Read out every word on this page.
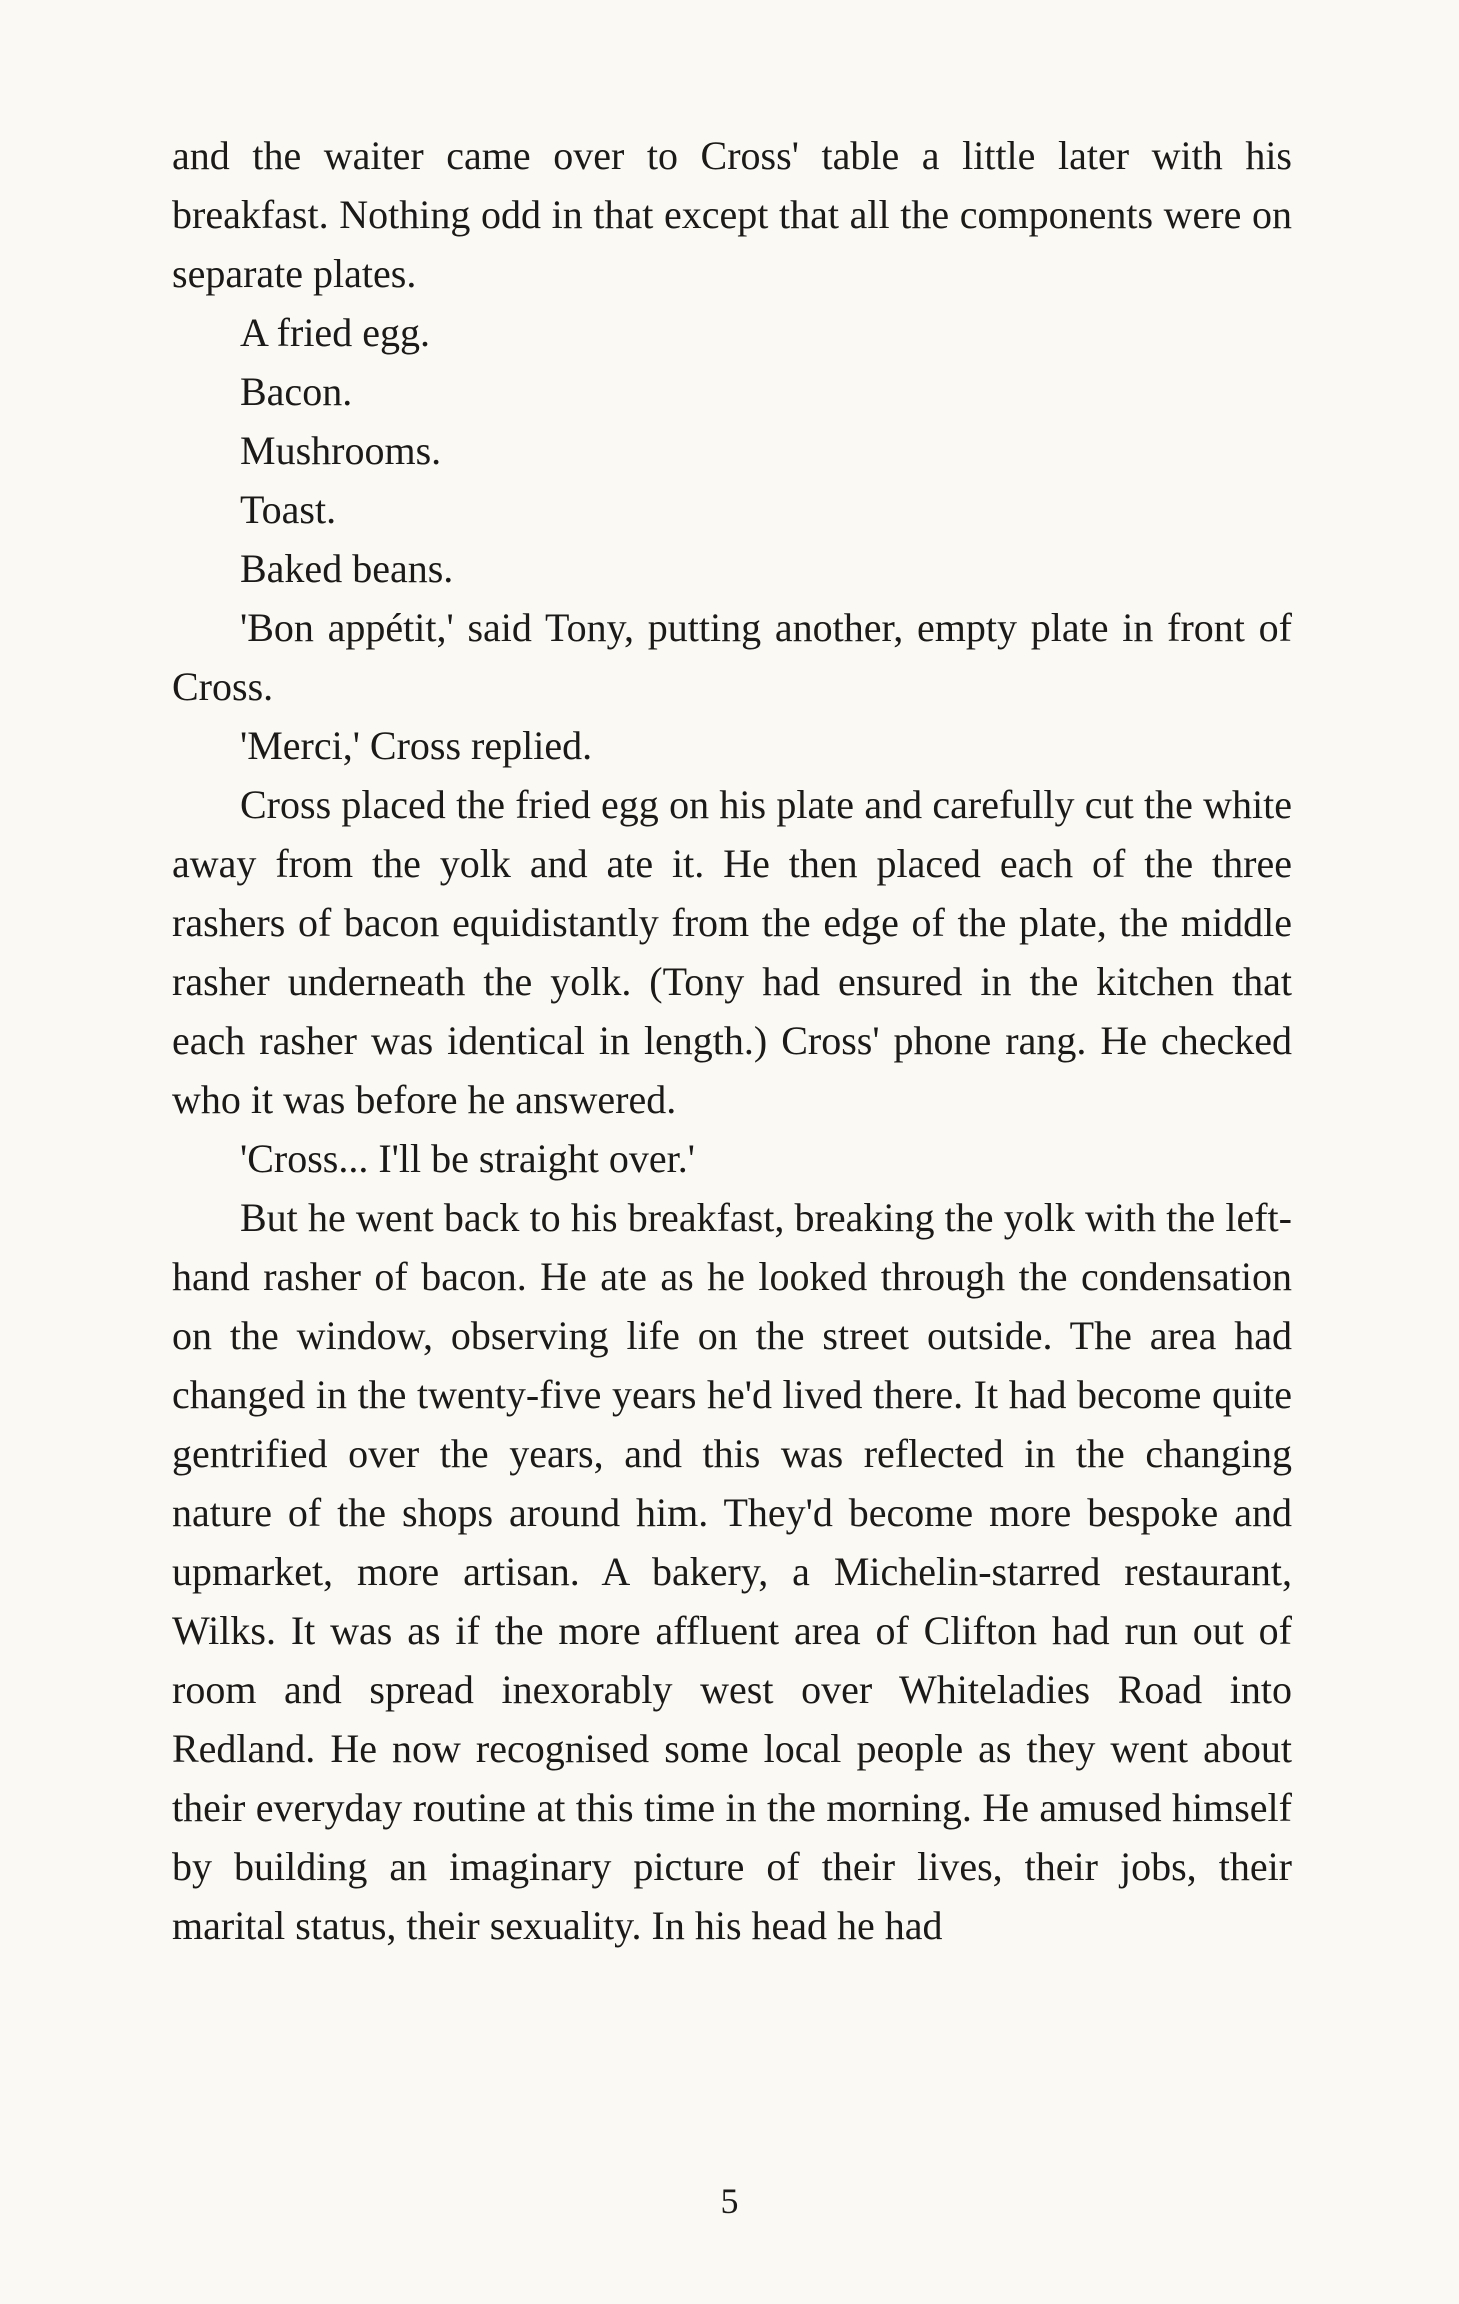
and the waiter came over to Cross' table a little later with his breakfast. Nothing odd in that except that all the components were on separate plates.

A fried egg.

Bacon.

Mushrooms.

Toast.

Baked beans.

'Bon appétit,' said Tony, putting another, empty plate in front of Cross.

'Merci,' Cross replied.

Cross placed the fried egg on his plate and carefully cut the white away from the yolk and ate it. He then placed each of the three rashers of bacon equidistantly from the edge of the plate, the middle rasher underneath the yolk. (Tony had ensured in the kitchen that each rasher was identical in length.) Cross' phone rang. He checked who it was before he answered.

'Cross... I'll be straight over.'

But he went back to his breakfast, breaking the yolk with the left-hand rasher of bacon. He ate as he looked through the condensation on the window, observing life on the street outside. The area had changed in the twenty-five years he'd lived there. It had become quite gentrified over the years, and this was reflected in the changing nature of the shops around him. They'd become more bespoke and upmarket, more artisan. A bakery, a Michelin-starred restaurant, Wilks. It was as if the more affluent area of Clifton had run out of room and spread inexorably west over Whiteladies Road into Redland. He now recognised some local people as they went about their everyday routine at this time in the morning. He amused himself by building an imaginary picture of their lives, their jobs, their marital status, their sexuality. In his head he had

5
